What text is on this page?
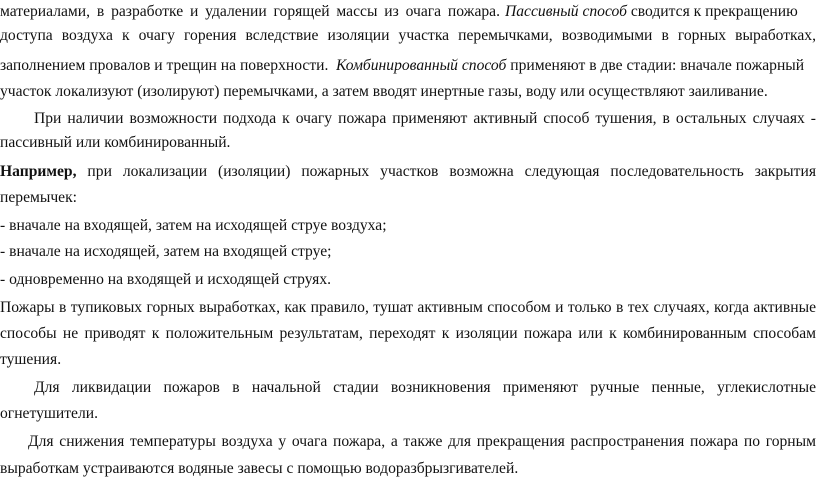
материалами, в разработке и удалении горящей массы из очага пожара. Пассивный способ сводится к прекращению
доступа воздуха к очагу горения вследствие изоляции участка перемычками, возводимыми в горных выработках,
заполнением провалов и трещин на поверхности. Комбинированный способ применяют в две стадии: вначале пожарный
участок локализуют (изолируют) перемычками, а затем вводят инертные газы, воду или осуществляют заиливание.
При наличии возможности подхода к очагу пожара применяют активный способ тушения, в остальных случаях -
пассивный или комбинированный.
Например, при локализации (изоляции) пожарных участков возможна следующая последовательность закрытия
перемычек:
- вначале на входящей, затем на исходящей струе воздуха;
- вначале на исходящей, затем на входящей струе;
- одновременно на входящей и исходящей струях.
Пожары в тупиковых горных выработках, как правило, тушат активным способом и только в тех случаях, когда активные
способы не приводят к положительным результатам, переходят к изоляции пожара или к комбинированным способам
тушения.
Для ликвидации пожаров в начальной стадии возникновения применяют ручные пенные, углекислотные
огнетушители.
Для снижения температуры воздуха у очага пожара, а также для прекращения распространения пожара по горным
выработкам устраиваются водяные завесы с помощью водоразбрызгивателей.
